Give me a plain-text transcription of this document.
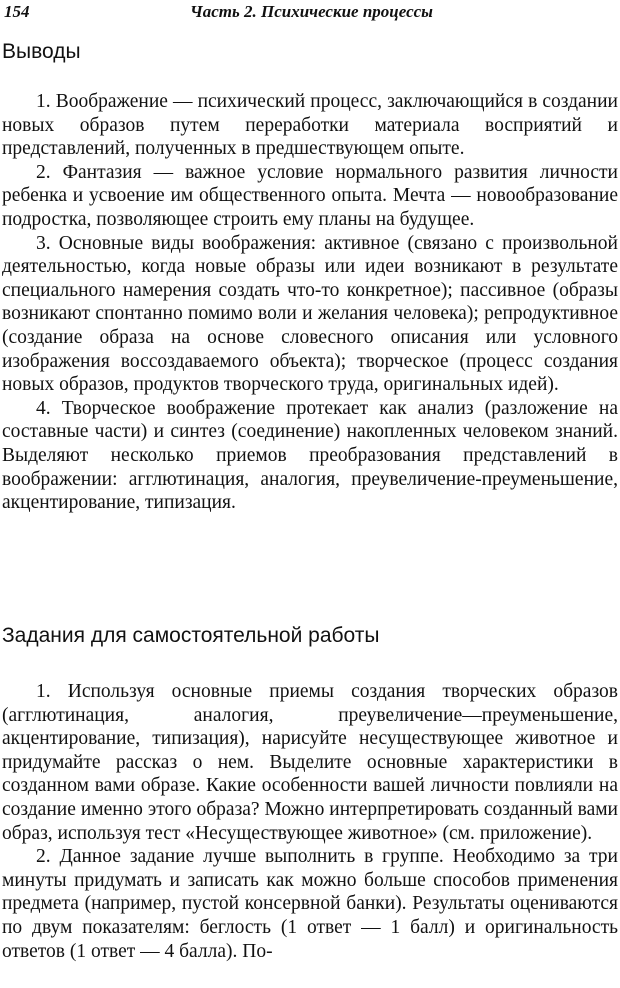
154	Часть 2. Психические процессы
Выводы

1. Воображение — психический процесс, заключающийся в создании новых образов путем переработки материала восприятий и представлений, полученных в предшествующем опыте.

2. Фантазия — важное условие нормального развития личности ребенка и усвоение им общественного опыта. Мечта — новообразование подростка, позволяющее строить ему планы на будущее.

3. Основные виды воображения: активное (связано с произвольной деятельностью, когда новые образы или идеи возникают в результате специального намерения создать что-то конкретное); пассивное (образы возникают спонтанно помимо воли и желания человека); репродуктивное (создание образа на основе словесного описания или условного изображения воссоздаваемого объекта); творческое (процесс создания новых образов, продуктов творческого труда, оригинальных идей).

4. Творческое воображение протекает как анализ (разложение на составные части) и синтез (соединение) накопленных человеком знаний. Выделяют несколько приемов преобразования представлений в воображении: агглютинация, аналогия, преувеличение-преуменьшение, акцентирование, типизация.

Задания для самостоятельной работы

1. Используя основные приемы создания творческих образов (агглютинация, аналогия, преувеличение—преуменьшение, акцентирование, типизация), нарисуйте несуществующее животное и придумайте рассказ о нем. Выделите основные характеристики в созданном вами образе. Какие особенности вашей личности повлияли на создание именно этого образа? Можно интерпретировать созданный вами образ, используя тест «Несуществующее животное» (см. приложение).

2. Данное задание лучше выполнить в группе. Необходимо за три минуты придумать и записать как можно больше способов применения предмета (например, пустой консервной банки). Результаты оцениваются по двум показателям: беглость (1 ответ — 1 балл) и оригинальность ответов (1 ответ — 4 балла). По-
